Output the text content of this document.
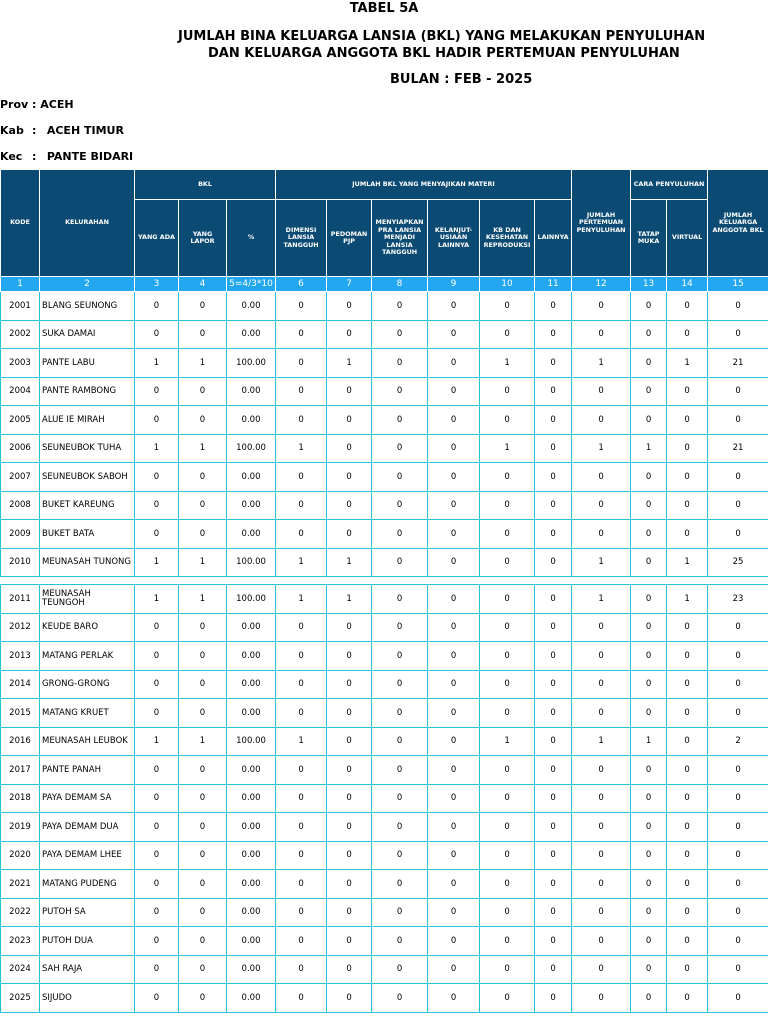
TABEL 5A
JUMLAH BINA KELUARGA LANSIA (BKL) YANG MELAKUKAN PENYULUHAN
DAN KELUARGA ANGGOTA BKL HADIR PERTEMUAN PENYULUHAN
BULAN : FEB - 2025
Prov : ACEH
Kab : ACEH TIMUR
Kec : PANTE BIDARI
KODE	KELURAHAN	BKL			JUMLAH BKL YANG MENYAJIKAN MATERI						JUMLAH PERTEMUAN PENYULUHAN	CARA PENYULUHAN		JUMLAH KELUARGA ANGGOTA BKL
		YANG ADA	YANG LAPOR	%	DIMENSI LANSIA TANGGUH	PEDOMAN PJP	MENYIAPKAN PRA LANSIA MENJADI LANSIA TANGGUH	KELANJUT-USIAAN LAINNYA	KB DAN KESEHATAN REPRODUKSI	LAINNYA		TATAP MUKA	VIRTUAL	
1	2	3	4	5=4/3*10	6	7	8	9	10	11	12	13	14	15
2001	BLANG SEUNONG	0	0	0.00	0	0	0	0	0	0	0	0	0	0
2002	SUKA DAMAI	0	0	0.00	0	0	0	0	0	0	0	0	0	0
2003	PANTE LABU	1	1	100.00	0	1	0	0	1	0	1	0	1	21
2004	PANTE RAMBONG	0	0	0.00	0	0	0	0	0	0	0	0	0	0
2005	ALUE IE MIRAH	0	0	0.00	0	0	0	0	0	0	0	0	0	0
2006	SEUNEUBOK TUHA	1	1	100.00	1	0	0	0	1	0	1	1	0	21
2007	SEUNEUBOK SABOH	0	0	0.00	0	0	0	0	0	0	0	0	0	0
2008	BUKET KAREUNG	0	0	0.00	0	0	0	0	0	0	0	0	0	0
2009	BUKET BATA	0	0	0.00	0	0	0	0	0	0	0	0	0	0
2010	MEUNASAH TUNONG	1	1	100.00	1	1	0	0	0	0	1	0	1	25

2011	MEUNASAH TEUNGOH	1	1	100.00	1	1	0	0	0	0	1	0	1	23
2012	KEUDE BARO	0	0	0.00	0	0	0	0	0	0	0	0	0	0
2013	MATANG PERLAK	0	0	0.00	0	0	0	0	0	0	0	0	0	0
2014	GRONG-GRONG	0	0	0.00	0	0	0	0	0	0	0	0	0	0
2015	MATANG KRUET	0	0	0.00	0	0	0	0	0	0	0	0	0	0
2016	MEUNASAH LEUBOK	1	1	100.00	1	0	0	0	1	0	1	1	0	2
2017	PANTE PANAH	0	0	0.00	0	0	0	0	0	0	0	0	0	0
2018	PAYA DEMAM SA	0	0	0.00	0	0	0	0	0	0	0	0	0	0
2019	PAYA DEMAM DUA	0	0	0.00	0	0	0	0	0	0	0	0	0	0
2020	PAYA DEMAM LHEE	0	0	0.00	0	0	0	0	0	0	0	0	0	0
2021	MATANG PUDENG	0	0	0.00	0	0	0	0	0	0	0	0	0	0
2022	PUTOH SA	0	0	0.00	0	0	0	0	0	0	0	0	0	0
2023	PUTOH DUA	0	0	0.00	0	0	0	0	0	0	0	0	0	0
2024	SAH RAJA	0	0	0.00	0	0	0	0	0	0	0	0	0	0
2025	SIJUDO	0	0	0.00	0	0	0	0	0	0	0	0	0	0
